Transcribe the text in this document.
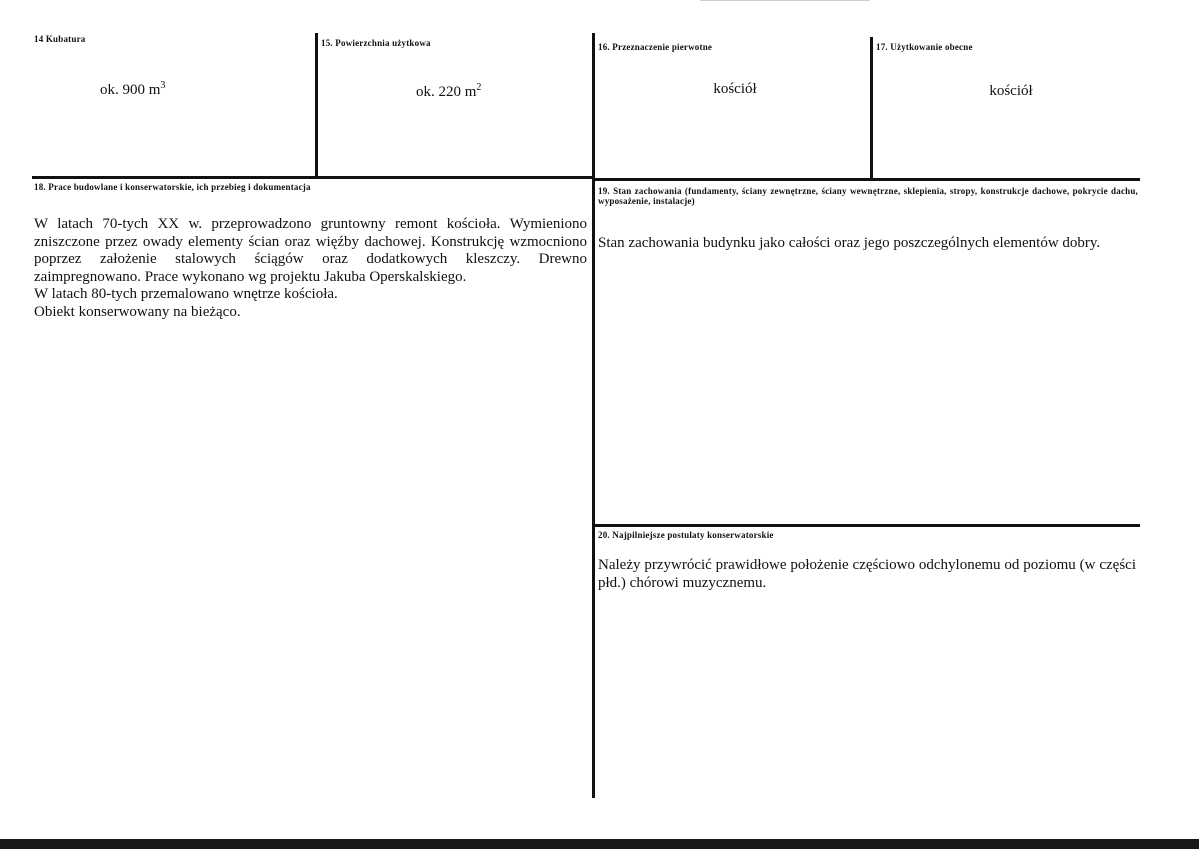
14 Kubatura
ok. 900 $m^3$
15. Powierzchnia użytkowa
ok. 220 $m^2$
16. Przeznaczenie pierwotne
kościół
17. Użytkowanie obecne
kościół
18. Prace budowlane i konserwatorskie, ich przebieg i dokumentacja

W latach 70-tych XX w. przeprowadzono gruntowny remont kościoła. Wymieniono zniszczone przez owady elementy ścian oraz więźby dachowej. Konstrukcję wzmocniono poprzez założenie stalowych ściągów oraz dodatkowych kleszczy. Drewno zaimpregnowano. Prace wykonano wg projektu Jakuba Operskalskiego.

W latach 80-tych przemalowano wnętrze kościoła.

Obiekt konserwowany na bieżąco.

19. Stan zachowania (fundamenty, ściany zewnętrzne, ściany wewnętrzne, sklepienia, stropy, konstrukcje dachowe, pokrycie dachu, wyposażenie, instalacje)
Stan zachowania budynku jako całości oraz jego poszczególnych elementów dobry.
20. Najpilniejsze postulaty konserwatorskie
Należy przywrócić prawidłowe położenie częściowo odchylonemu od poziomu (w części płd.) chórowi muzycznemu.
